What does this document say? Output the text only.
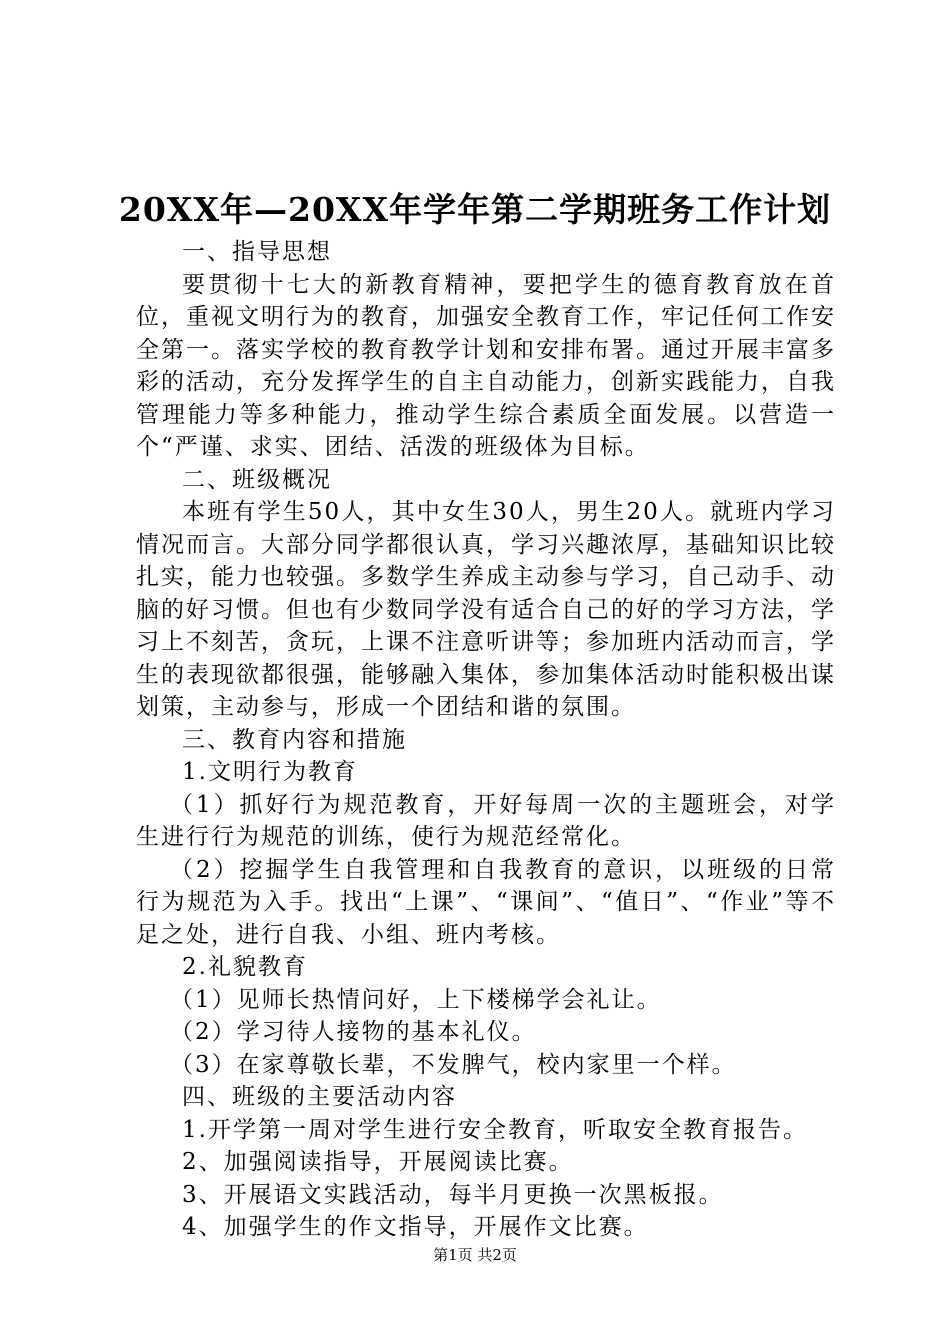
20XX年—20XX年学年第二学期班务工作计划

一、指导思想

要贯彻十七大的新教育精神，要把学生的德育教育放在首位，重视文明行为的教育，加强安全教育工作，牢记任何工作安全第一。落实学校的教育教学计划和安排布署。通过开展丰富多彩的活动，充分发挥学生的自主自动能力，创新实践能力，自我管理能力等多种能力，推动学生综合素质全面发展。以营造一个“严谨、求实、团结、活泼的班级体为目标。

二、班级概况

本班有学生50人，其中女生30人，男生20人。就班内学习情况而言。大部分同学都很认真，学习兴趣浓厚，基础知识比较扎实，能力也较强。多数学生养成主动参与学习，自己动手、动脑的好习惯。但也有少数同学没有适合自己的好的学习方法，学习上不刻苦，贪玩，上课不注意听讲等；参加班内活动而言，学生的表现欲都很强，能够融入集体，参加集体活动时能积极出谋划策，主动参与，形成一个团结和谐的氛围。

三、教育内容和措施

1.文明行为教育

（1）抓好行为规范教育，开好每周一次的主题班会，对学生进行行为规范的训练，使行为规范经常化。

（2）挖掘学生自我管理和自我教育的意识，以班级的日常行为规范为入手。找出“上课”、“课间”、“值日”、“作业”等不足之处，进行自我、小组、班内考核。

2.礼貌教育

（1）见师长热情问好，上下楼梯学会礼让。

（2）学习待人接物的基本礼仪。

（3）在家尊敬长辈，不发脾气，校内家里一个样。

四、班级的主要活动内容

1.开学第一周对学生进行安全教育，听取安全教育报告。

2、加强阅读指导，开展阅读比赛。

3、开展语文实践活动，每半月更换一次黑板报。

4、加强学生的作文指导，开展作文比赛。

第1页 共2页
